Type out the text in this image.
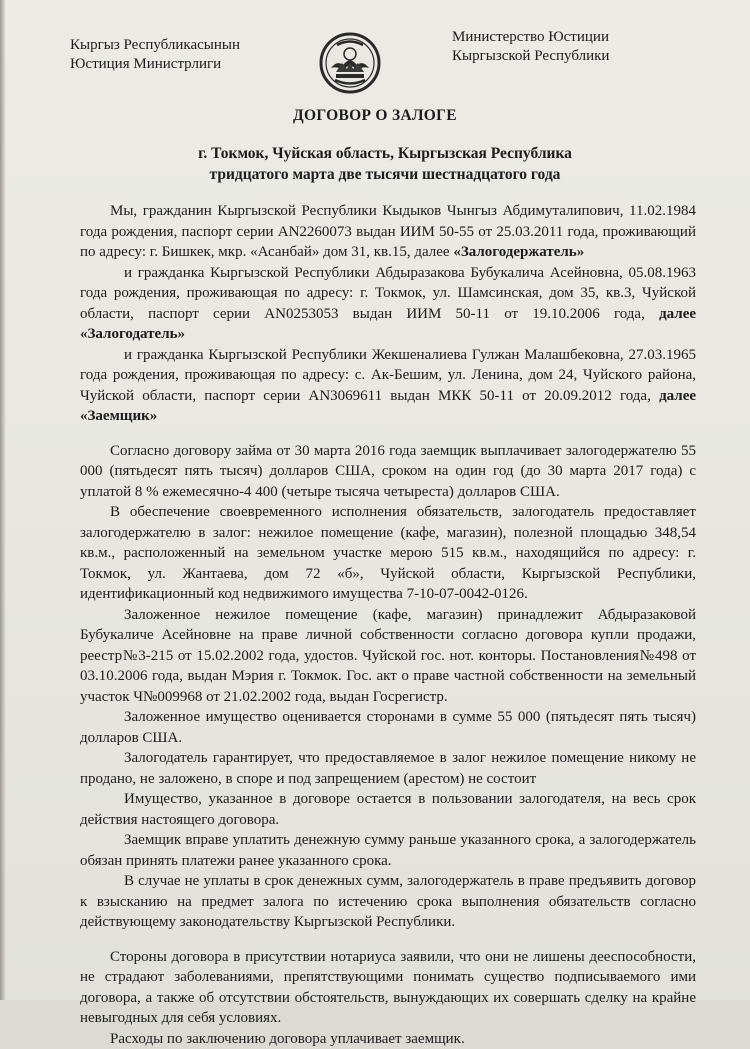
Кыргыз Республикасынын
Юстиция Министрлиги
Министерство Юстиции
Кыргызской Республики
ДОГОВОР О ЗАЛОГЕ
г. Токмок, Чуйская область, Кыргызская Республика
тридцатого марта две тысячи шестнадцатого года

Мы, гражданин Кыргызской Республики Кыдыков Чынгыз Абдимуталипович, 11.02.1984 года рождения, паспорт серии AN2260073 выдан ИИМ 50-55 от 25.03.2011 года, проживающий по адресу: г. Бишкек, мкр. «Асанбай» дом 31, кв.15, далее «Залогодержатель»

и гражданка Кыргызской Республики Абдыразакова Бубукалича Асейновна, 05.08.1963 года рождения, проживающая по адресу: г. Токмок, ул. Шамсинская, дом 35, кв.3, Чуйской области, паспорт серии AN0253053 выдан ИИМ 50-11 от 19.10.2006 года, далее «Залогодатель»

и гражданка Кыргызской Республики Жекшеналиева Гулжан Малашбековна, 27.03.1965 года рождения, проживающая по адресу: с. Ак-Бешим, ул. Ленина, дом 24, Чуйского района, Чуйской области, паспорт серии AN3069611 выдан МКК 50-11 от 20.09.2012 года, далее «Заемщик»

Согласно договору займа от 30 марта 2016 года заемщик выплачивает залогодержателю 55 000 (пятьдесят пять тысяч) долларов США, сроком на один год (до 30 марта 2017 года) с уплатой 8 % ежемесячно-4 400 (четыре тысяча четыреста) долларов США.

В обеспечение своевременного исполнения обязательств, залогодатель предоставляет залогодержателю в залог: нежилое помещение (кафе, магазин), полезной площадью 348,54 кв.м., расположенный на земельном участке мерою 515 кв.м., находящийся по адресу: г. Токмок, ул. Жантаева, дом 72 «б», Чуйской области, Кыргызской Республики, идентификационный код недвижимого имущества 7-10-07-0042-0126.

Заложенное нежилое помещение (кафе, магазин) принадлежит Абдыразаковой Бубукаличе Асейновне на праве личной собственности согласно договора купли продажи, реестр№3-215 от 15.02.2002 года, удостов. Чуйской гос. нот. конторы. Постановления№498 от 03.10.2006 года, выдан Мэрия г. Токмок. Гос. акт о праве частной собственности на земельный участок Ч№009968 от 21.02.2002 года, выдан Госрегистр.

Заложенное имущество оценивается сторонами в сумме 55 000 (пятьдесят пять тысяч) долларов США.

Залогодатель гарантирует, что предоставляемое в залог нежилое помещение никому не продано, не заложено, в споре и под запрещением (арестом) не состоит

Имущество, указанное в договоре остается в пользовании залогодателя, на весь срок действия настоящего договора.

Заемщик вправе уплатить денежную сумму раньше указанного срока, а залогодержатель обязан принять платежи ранее указанного срока.

В случае не уплаты в срок денежных сумм, залогодержатель в праве предъявить договор к взысканию на предмет залога по истечению срока выполнения обязательств согласно действующему законодательству Кыргызской Республики.

Стороны договора в присутствии нотариуса заявили, что они не лишены дееспособности, не страдают заболеваниями, препятствующими понимать существо подписываемого ими договора, а также об отсутствии обстоятельств, вынуждающих их совершать сделку на крайне невыгодных для себя условиях.

Расходы по заключению договора уплачивает заемщик.
